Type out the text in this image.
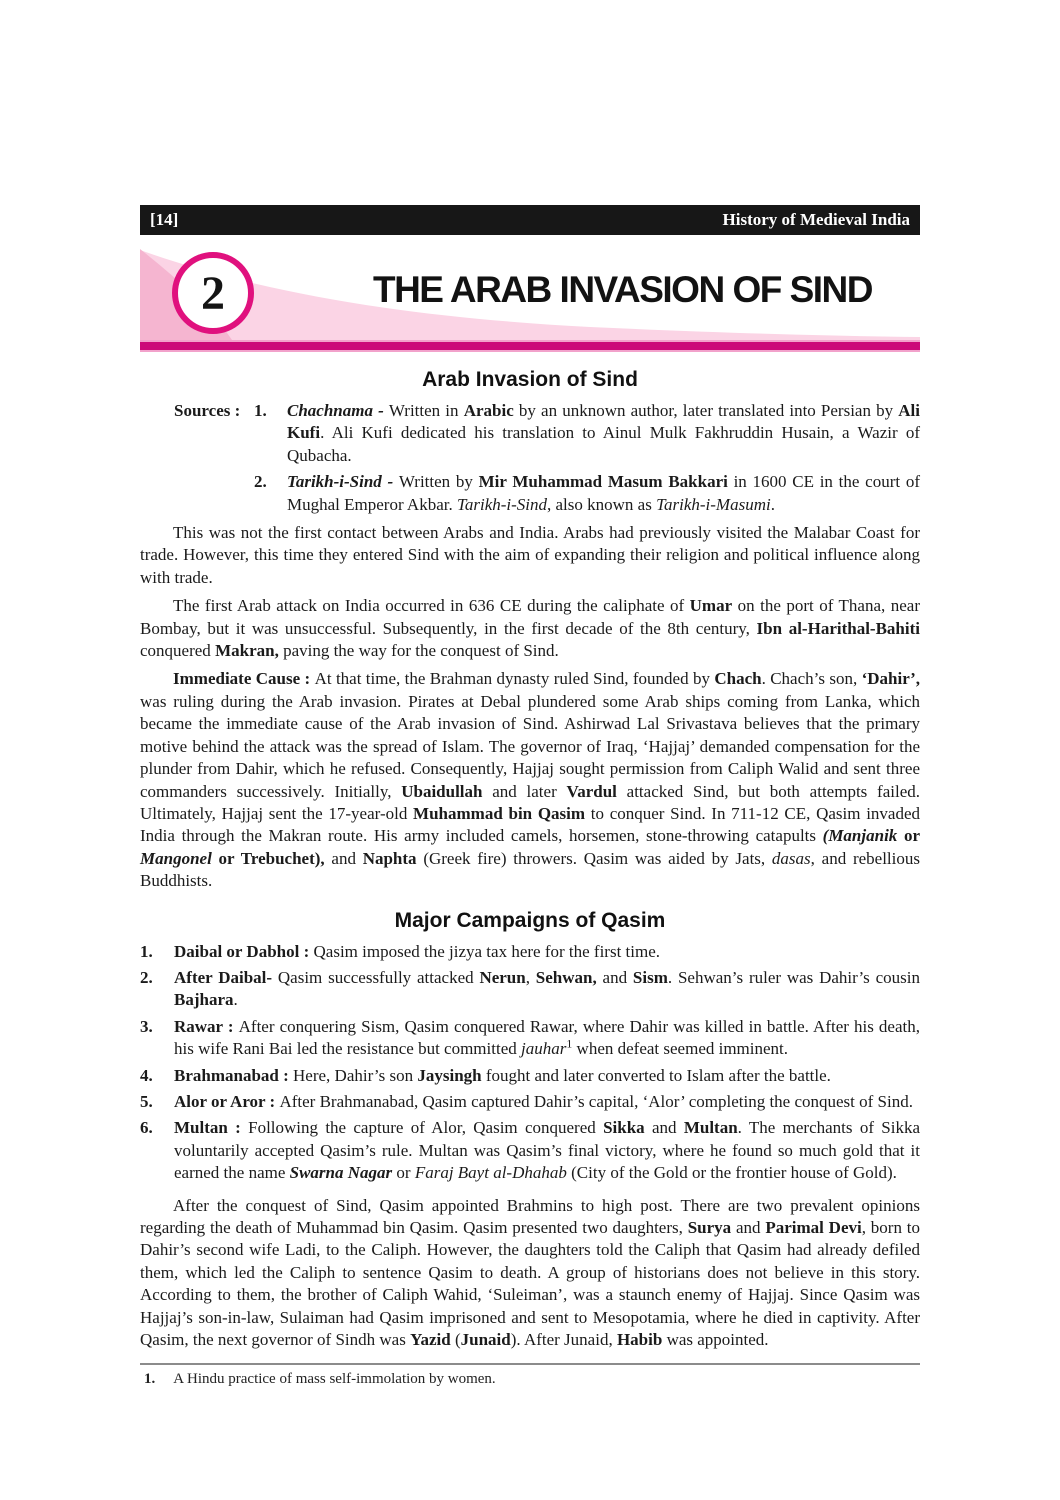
[14]	History of Medieval India
2	THE ARAB INVASION OF SIND
Arab Invasion of Sind
Sources : 1.	Chachnama - Written in Arabic by an unknown author, later translated into Persian by Ali Kufi. Ali Kufi dedicated his translation to Ainul Mulk Fakhruddin Husain, a Wazir of Qubacha.
2.	Tarikh-i-Sind - Written by Mir Muhammad Masum Bakkari in 1600 CE in the court of Mughal Emperor Akbar. Tarikh-i-Sind, also known as Tarikh-i-Masumi.

This was not the first contact between Arabs and India. Arabs had previously visited the Malabar Coast for trade. However, this time they entered Sind with the aim of expanding their religion and political influence along with trade.

The first Arab attack on India occurred in 636 CE during the caliphate of Umar on the port of Thana, near Bombay, but it was unsuccessful. Subsequently, in the first decade of the 8th century, Ibn al-Harithal-Bahiti conquered Makran, paving the way for the conquest of Sind.

Immediate Cause : At that time, the Brahman dynasty ruled Sind, founded by Chach. Chach’s son, ‘Dahir’, was ruling during the Arab invasion. Pirates at Debal plundered some Arab ships coming from Lanka, which became the immediate cause of the Arab invasion of Sind. Ashirwad Lal Srivastava believes that the primary motive behind the attack was the spread of Islam. The governor of Iraq, ‘Hajjaj’ demanded compensation for the plunder from Dahir, which he refused. Consequently, Hajjaj sought permission from Caliph Walid and sent three commanders successively. Initially, Ubaidullah and later Vardul attacked Sind, but both attempts failed. Ultimately, Hajjaj sent the 17-year-old Muhammad bin Qasim to conquer Sind. In 711-12 CE, Qasim invaded India through the Makran route. His army included camels, horsemen, stone-throwing catapults (Manjanik or Mangonel or Trebuchet), and Naphta (Greek fire) throwers. Qasim was aided by Jats, dasas, and rebellious Buddhists.

Major Campaigns of Qasim
1.	Daibal or Dabhol : Qasim imposed the jizya tax here for the first time.
2.	After Daibal- Qasim successfully attacked Nerun, Sehwan, and Sism. Sehwan’s ruler was Dahir’s cousin Bajhara.
3.	Rawar : After conquering Sism, Qasim conquered Rawar, where Dahir was killed in battle. After his death, his wife Rani Bai led the resistance but committed jauhar$^1$ when defeat seemed imminent.
4.	Brahmanabad : Here, Dahir’s son Jaysingh fought and later converted to Islam after the battle.
5.	Alor or Aror : After Brahmanabad, Qasim captured Dahir’s capital, ‘Alor’ completing the conquest of Sind.
6.	Multan : Following the capture of Alor, Qasim conquered Sikka and Multan. The merchants of Sikka voluntarily accepted Qasim’s rule. Multan was Qasim’s final victory, where he found so much gold that it earned the name Swarna Nagar or Faraj Bayt al-Dhahab (City of the Gold or the frontier house of Gold).

After the conquest of Sind, Qasim appointed Brahmins to high post. There are two prevalent opinions regarding the death of Muhammad bin Qasim. Qasim presented two daughters, Surya and Parimal Devi, born to Dahir’s second wife Ladi, to the Caliph. However, the daughters told the Caliph that Qasim had already defiled them, which led the Caliph to sentence Qasim to death. A group of historians does not believe in this story. According to them, the brother of Caliph Wahid, ‘Suleiman’, was a staunch enemy of Hajjaj. Since Qasim was Hajjaj’s son-in-law, Sulaiman had Qasim imprisoned and sent to Mesopotamia, where he died in captivity. After Qasim, the next governor of Sindh was Yazid (Junaid). After Junaid, Habib was appointed.

1. A Hindu practice of mass self-immolation by women.
